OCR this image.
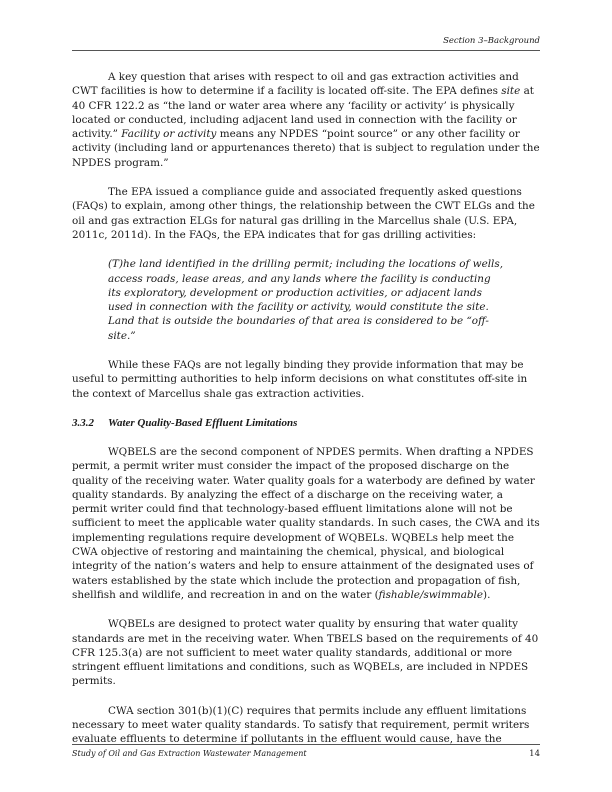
Section 3–Background

A key question that arises with respect to oil and gas extraction activities and CWT facilities is how to determine if a facility is located off-site. The EPA defines site at 40 CFR 122.2 as “the land or water area where any ‘facility or activity’ is physically located or conducted, including adjacent land used in connection with the facility or activity.” Facility or activity means any NPDES “point source” or any other facility or activity (including land or appurtenances thereto) that is subject to regulation under the NPDES program.”

The EPA issued a compliance guide and associated frequently asked questions (FAQs) to explain, among other things, the relationship between the CWT ELGs and the oil and gas extraction ELGs for natural gas drilling in the Marcellus shale (U.S. EPA, 2011c, 2011d). In the FAQs, the EPA indicates that for gas drilling activities:

(T)he land identified in the drilling permit; including the locations of wells, access roads, lease areas, and any lands where the facility is conducting its exploratory, development or production activities, or adjacent lands used in connection with the facility or activity, would constitute the site. Land that is outside the boundaries of that area is considered to be “off-site.”

While these FAQs are not legally binding they provide information that may be useful to permitting authorities to help inform decisions on what constitutes off-site in the context of Marcellus shale gas extraction activities.

3.3.2 Water Quality-Based Effluent Limitations

WQBELS are the second component of NPDES permits. When drafting a NPDES permit, a permit writer must consider the impact of the proposed discharge on the quality of the receiving water. Water quality goals for a waterbody are defined by water quality standards. By analyzing the effect of a discharge on the receiving water, a permit writer could find that technology-based effluent limitations alone will not be sufficient to meet the applicable water quality standards. In such cases, the CWA and its implementing regulations require development of WQBELs. WQBELs help meet the CWA objective of restoring and maintaining the chemical, physical, and biological integrity of the nation’s waters and help to ensure attainment of the designated uses of waters established by the state which include the protection and propagation of fish, shellfish and wildlife, and recreation in and on the water (fishable/swimmable).

WQBELs are designed to protect water quality by ensuring that water quality standards are met in the receiving water. When TBELS based on the requirements of 40 CFR 125.3(a) are not sufficient to meet water quality standards, additional or more stringent effluent limitations and conditions, such as WQBELs, are included in NPDES permits.

CWA section 301(b)(1)(C) requires that permits include any effluent limitations necessary to meet water quality standards. To satisfy that requirement, permit writers evaluate effluents to determine if pollutants in the effluent would cause, have the

Study of Oil and Gas Extraction Wastewater Management	14
